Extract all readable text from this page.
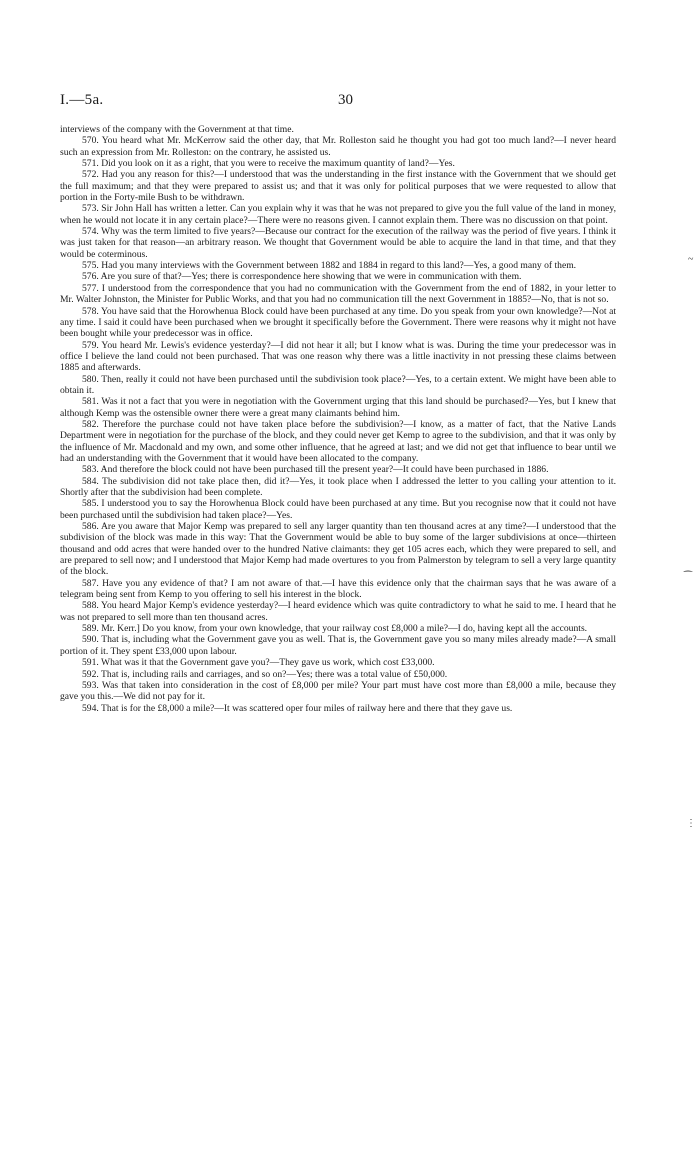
I.—5a.	30

interviews of the company with the Government at that time.

570. You heard what Mr. McKerrow said the other day, that Mr. Rolleston said he thought you had got too much land?—I never heard such an expression from Mr. Rolleston: on the contrary, he assisted us.

571. Did you look on it as a right, that you were to receive the maximum quantity of land?—Yes.

572. Had you any reason for this?—I understood that was the understanding in the first instance with the Government that we should get the full maximum; and that they were prepared to assist us; and that it was only for political purposes that we were requested to allow that portion in the Forty-mile Bush to be withdrawn.

573. Sir John Hall has written a letter. Can you explain why it was that he was not prepared to give you the full value of the land in money, when he would not locate it in any certain place?—There were no reasons given. I cannot explain them. There was no discussion on that point.

574. Why was the term limited to five years?—Because our contract for the execution of the railway was the period of five years. I think it was just taken for that reason—an arbitrary reason. We thought that Government would be able to acquire the land in that time, and that they would be coterminous.

575. Had you many interviews with the Government between 1882 and 1884 in regard to this land?—Yes, a good many of them.

576. Are you sure of that?—Yes; there is correspondence here showing that we were in communication with them.

577. I understood from the correspondence that you had no communication with the Government from the end of 1882, in your letter to Mr. Walter Johnston, the Minister for Public Works, and that you had no communication till the next Government in 1885?—No, that is not so.

578. You have said that the Horowhenua Block could have been purchased at any time. Do you speak from your own knowledge?—Not at any time. I said it could have been purchased when we brought it specifically before the Government. There were reasons why it might not have been bought while your predecessor was in office.

579. You heard Mr. Lewis's evidence yesterday?—I did not hear it all; but I know what is was. During the time your predecessor was in office I believe the land could not been purchased. That was one reason why there was a little inactivity in not pressing these claims between 1885 and afterwards.

580. Then, really it could not have been purchased until the subdivision took place?—Yes, to a certain extent. We might have been able to obtain it.

581. Was it not a fact that you were in negotiation with the Government urging that this land should be purchased?—Yes, but I knew that although Kemp was the ostensible owner there were a great many claimants behind him.

582. Therefore the purchase could not have taken place before the subdivision?—I know, as a matter of fact, that the Native Lands Department were in negotiation for the purchase of the block, and they could never get Kemp to agree to the subdivision, and that it was only by the influence of Mr. Macdonald and my own, and some other influence, that he agreed at last; and we did not get that influence to bear until we had an understanding with the Government that it would have been allocated to the company.

583. And therefore the block could not have been purchased till the present year?—It could have been purchased in 1886.

584. The subdivision did not take place then, did it?—Yes, it took place when I addressed the letter to you calling your attention to it. Shortly after that the subdivision had been complete.

585. I understood you to say the Horowhenua Block could have been purchased at any time. But you recognise now that it could not have been purchased until the subdivision had taken place?—Yes.

586. Are you aware that Major Kemp was prepared to sell any larger quantity than ten thousand acres at any time?—I understood that the subdivision of the block was made in this way: That the Government would be able to buy some of the larger subdivisions at once—thirteen thousand and odd acres that were handed over to the hundred Native claimants: they get 105 acres each, which they were prepared to sell, and are prepared to sell now; and I understood that Major Kemp had made overtures to you from Palmerston by telegram to sell a very large quantity of the block.

587. Have you any evidence of that? I am not aware of that.—I have this evidence only that the chairman says that he was aware of a telegram being sent from Kemp to you offering to sell his interest in the block.

588. You heard Major Kemp's evidence yesterday?—I heard evidence which was quite contradictory to what he said to me. I heard that he was not prepared to sell more than ten thousand acres.

589. Mr. Kerr.] Do you know, from your own knowledge, that your railway cost £8,000 a mile?—I do, having kept all the accounts.

590. That is, including what the Government gave you as well. That is, the Government gave you so many miles already made?—A small portion of it. They spent £33,000 upon labour.

591. What was it that the Government gave you?—They gave us work, which cost £33,000.

592. That is, including rails and carriages, and so on?—Yes; there was a total value of £50,000.

593. Was that taken into consideration in the cost of £8,000 per mile? Your part must have cost more than £8,000 a mile, because they gave you this.—We did not pay for it.

594. That is for the £8,000 a mile?—It was scattered oper four miles of railway here and there that they gave us.

~
⁀
⋮
